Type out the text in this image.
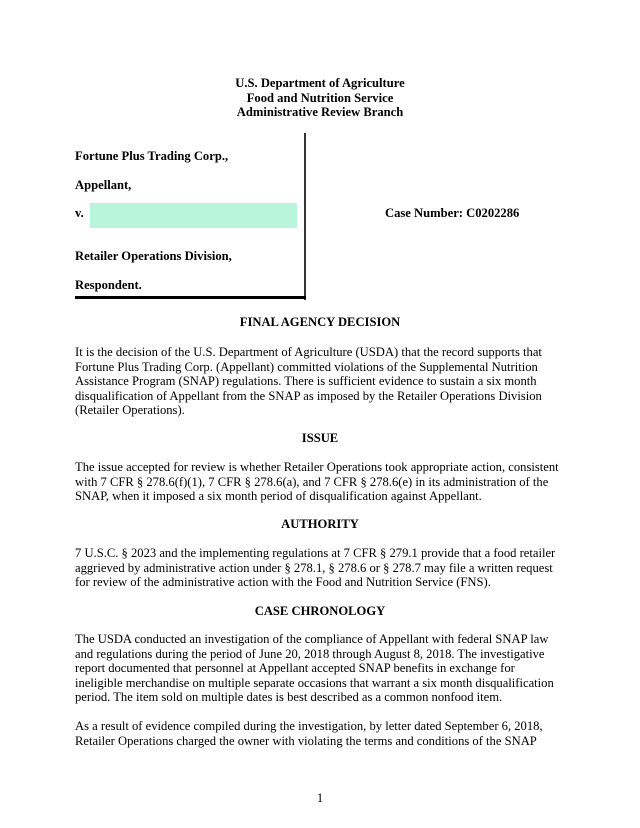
U.S. Department of Agriculture
Food and Nutrition Service
Administrative Review Branch
Fortune Plus Trading Corp.,
Appellant,
v.
Retailer Operations Division,
Respondent.
Case Number: C0202286
FINAL AGENCY DECISION
It is the decision of the U.S. Department of Agriculture (USDA) that the record supports that
Fortune Plus Trading Corp. (Appellant) committed violations of the Supplemental Nutrition
Assistance Program (SNAP) regulations. There is sufficient evidence to sustain a six month
disqualification of Appellant from the SNAP as imposed by the Retailer Operations Division
(Retailer Operations).
ISSUE
The issue accepted for review is whether Retailer Operations took appropriate action, consistent
with 7 CFR § 278.6(f)(1), 7 CFR § 278.6(a), and 7 CFR § 278.6(e) in its administration of the
SNAP, when it imposed a six month period of disqualification against Appellant.
AUTHORITY
7 U.S.C. § 2023 and the implementing regulations at 7 CFR § 279.1 provide that a food retailer
aggrieved by administrative action under § 278.1, § 278.6 or § 278.7 may file a written request
for review of the administrative action with the Food and Nutrition Service (FNS).
CASE CHRONOLOGY
The USDA conducted an investigation of the compliance of Appellant with federal SNAP law
and regulations during the period of June 20, 2018 through August 8, 2018. The investigative
report documented that personnel at Appellant accepted SNAP benefits in exchange for
ineligible merchandise on multiple separate occasions that warrant a six month disqualification
period. The item sold on multiple dates is best described as a common nonfood item.
As a result of evidence compiled during the investigation, by letter dated September 6, 2018,
Retailer Operations charged the owner with violating the terms and conditions of the SNAP
1
